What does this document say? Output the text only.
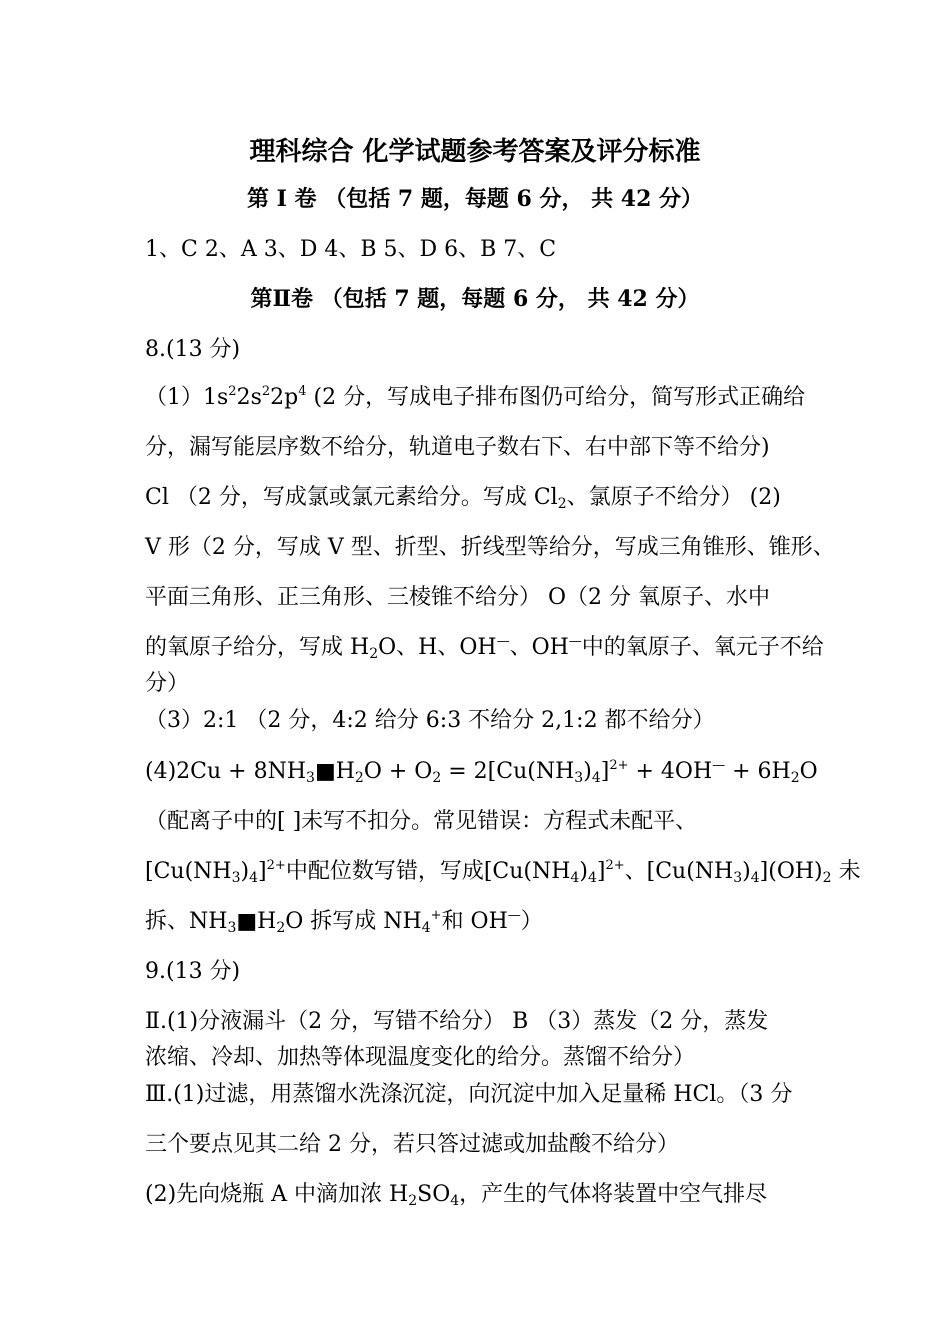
理科综合 化学试题参考答案及评分标准
第 I 卷 （包括 7 题，每题 6 分， 共 42 分）
1、C 2、A 3、D 4、B 5、D 6、B 7、C
第Ⅱ卷 （包括 7 题，每题 6 分， 共 42 分）
8.(13 分)
$(1)1s^22s^22p^4$ (2 分，写成电子排布图仍可给分，简写形式正确给
分，漏写能层序数不给分，轨道电子数右下、右中部下等不给分)
Cl （2 分，写成氯或氯元素给分。写成 $Cl_2$、氯原子不给分） (2)
V 形（2 分，写成 V 型、折型、折线型等给分，写成三角锥形、锥形、
平面三角形、正三角形、三棱锥不给分） O（2 分 氧原子、水中
的氧原子给分，写成 $H_2O$、H、OH—、OH—中的氧原子、氧元子不给
分）
（3）2:1 （2 分，4:2 给分 6:3 不给分 2,1:2 都不给分）
$(4)2Cu + 8NH_3■H_2O + O_2 = 2[Cu(NH_3)_4]^{2+} + 4OH^— + 6H_2O$
（配离子中的[ ]未写不扣分。常见错误：方程式未配平、
$[Cu(NH_3)_4]^{2+}$中配位数写错，写成$[Cu(NH_4)_4]^{2+}$、$[Cu(NH_3)_4](OH)_2$ 未
拆、$NH_3■H_2O$ 拆写成 $NH_4^+$和 OH—）
9.(13 分)
Ⅱ.(1)分液漏斗（2 分，写错不给分） B （3）蒸发（2 分，蒸发
浓缩、冷却、加热等体现温度变化的给分。蒸馏不给分）
Ⅲ.(1)过滤，用蒸馏水洗涤沉淀，向沉淀中加入足量稀 HCl。（3 分
三个要点见其二给 2 分，若只答过滤或加盐酸不给分）
(2)先向烧瓶 A 中滴加浓 $H_2SO_4$，产生的气体将装置中空气排尽
